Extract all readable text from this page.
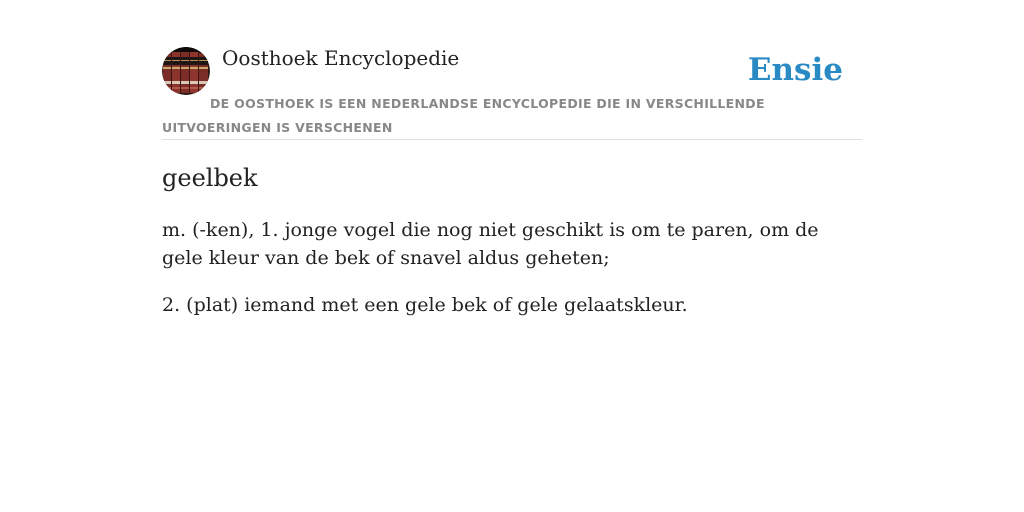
Oosthoek Encyclopedie	Ensie
DE OOSTHOEK IS EEN NEDERLANDSE ENCYCLOPEDIE DIE IN VERSCHILLENDE UITVOERINGEN IS VERSCHENEN
geelbek

m. (-ken), 1. jonge vogel die nog niet geschikt is om te paren, om de gele kleur van de bek of snavel aldus geheten;

2. (plat) iemand met een gele bek of gele gelaatskleur.
